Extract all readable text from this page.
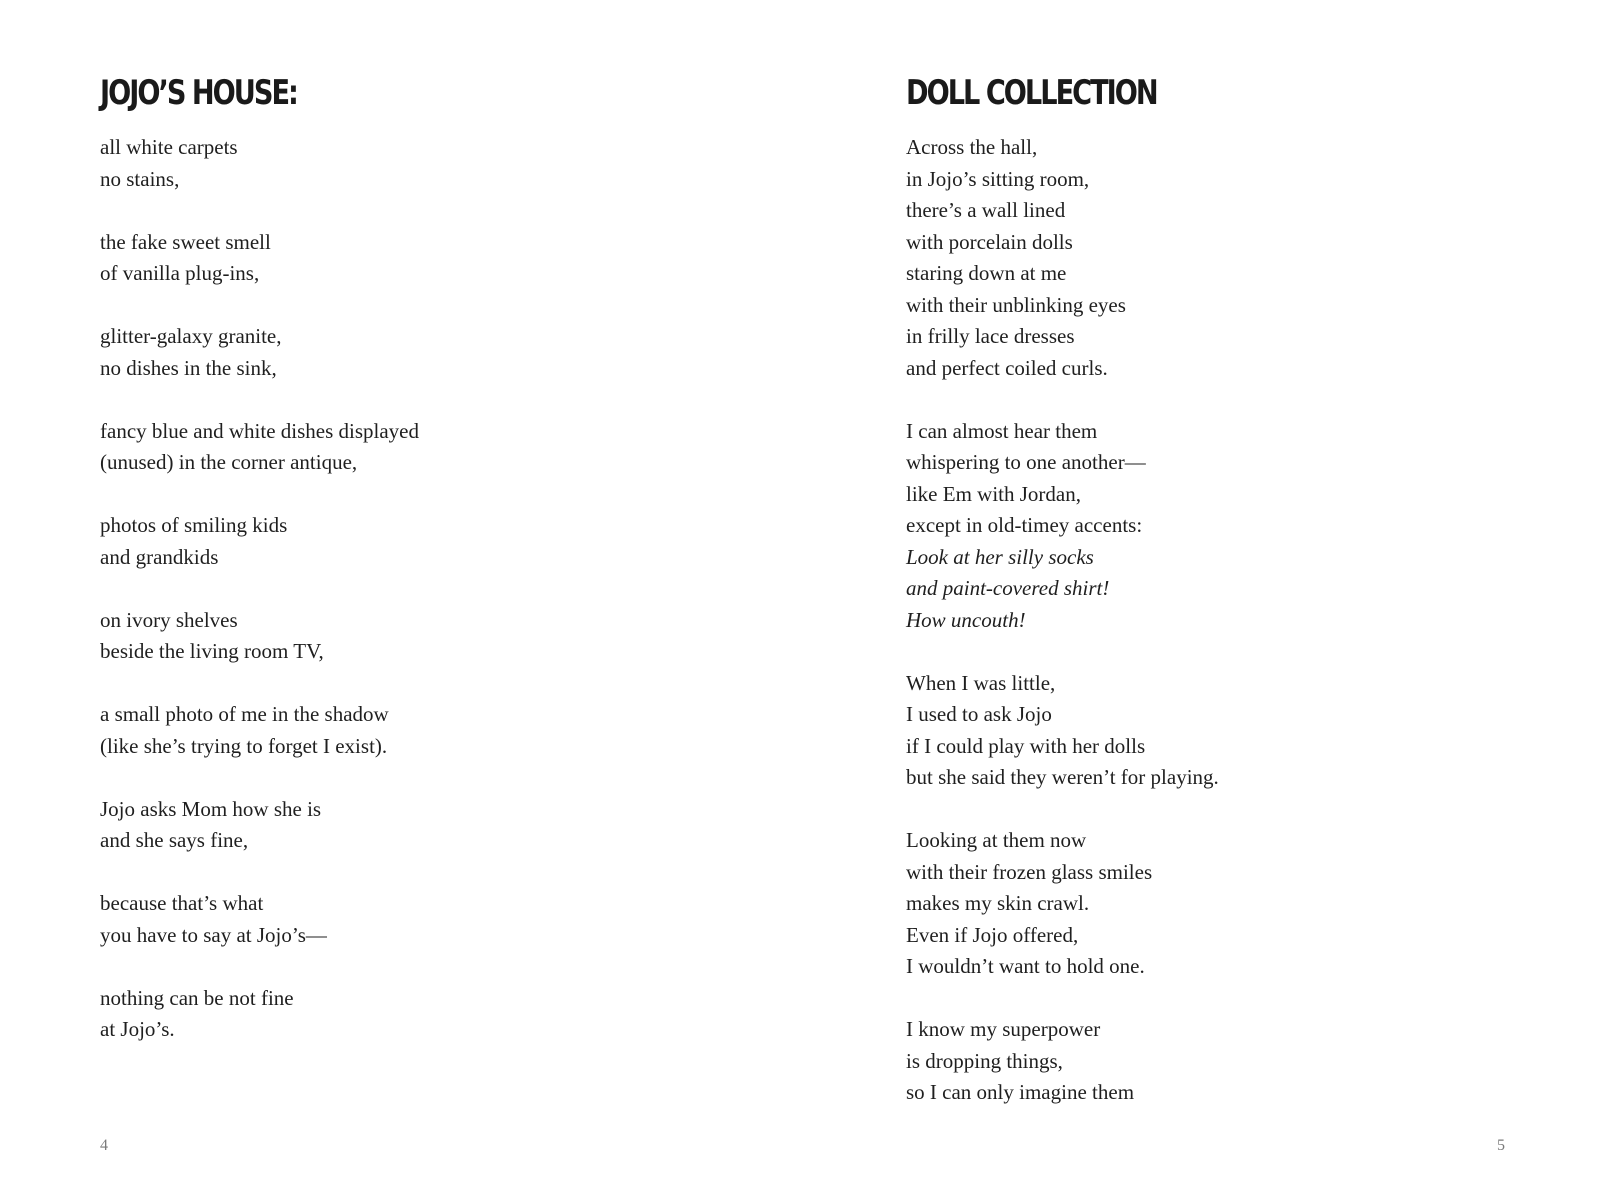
JOJO’S HOUSE:
all white carpets
no stains,
the fake sweet smell
of vanilla plug-ins,
glitter-galaxy granite,
no dishes in the sink,
fancy blue and white dishes displayed
(unused) in the corner antique,
photos of smiling kids
and grandkids
on ivory shelves
beside the living room TV,
a small photo of me in the shadow
(like she’s trying to forget I exist).
Jojo asks Mom how she is
and she says fine,
because that’s what
you have to say at Jojo’s—
nothing can be not fine
at Jojo’s.
4
DOLL COLLECTION
Across the hall,
in Jojo’s sitting room,
there’s a wall lined
with porcelain dolls
staring down at me
with their unblinking eyes
in frilly lace dresses
and perfect coiled curls.
I can almost hear them
whispering to one another—
like Em with Jordan,
except in old-timey accents:
Look at her silly socks
and paint-covered shirt!
How uncouth!
When I was little,
I used to ask Jojo
if I could play with her dolls
but she said they weren’t for playing.
Looking at them now
with their frozen glass smiles
makes my skin crawl.
Even if Jojo offered,
I wouldn’t want to hold one.
I know my superpower
is dropping things,
so I can only imagine them
5
